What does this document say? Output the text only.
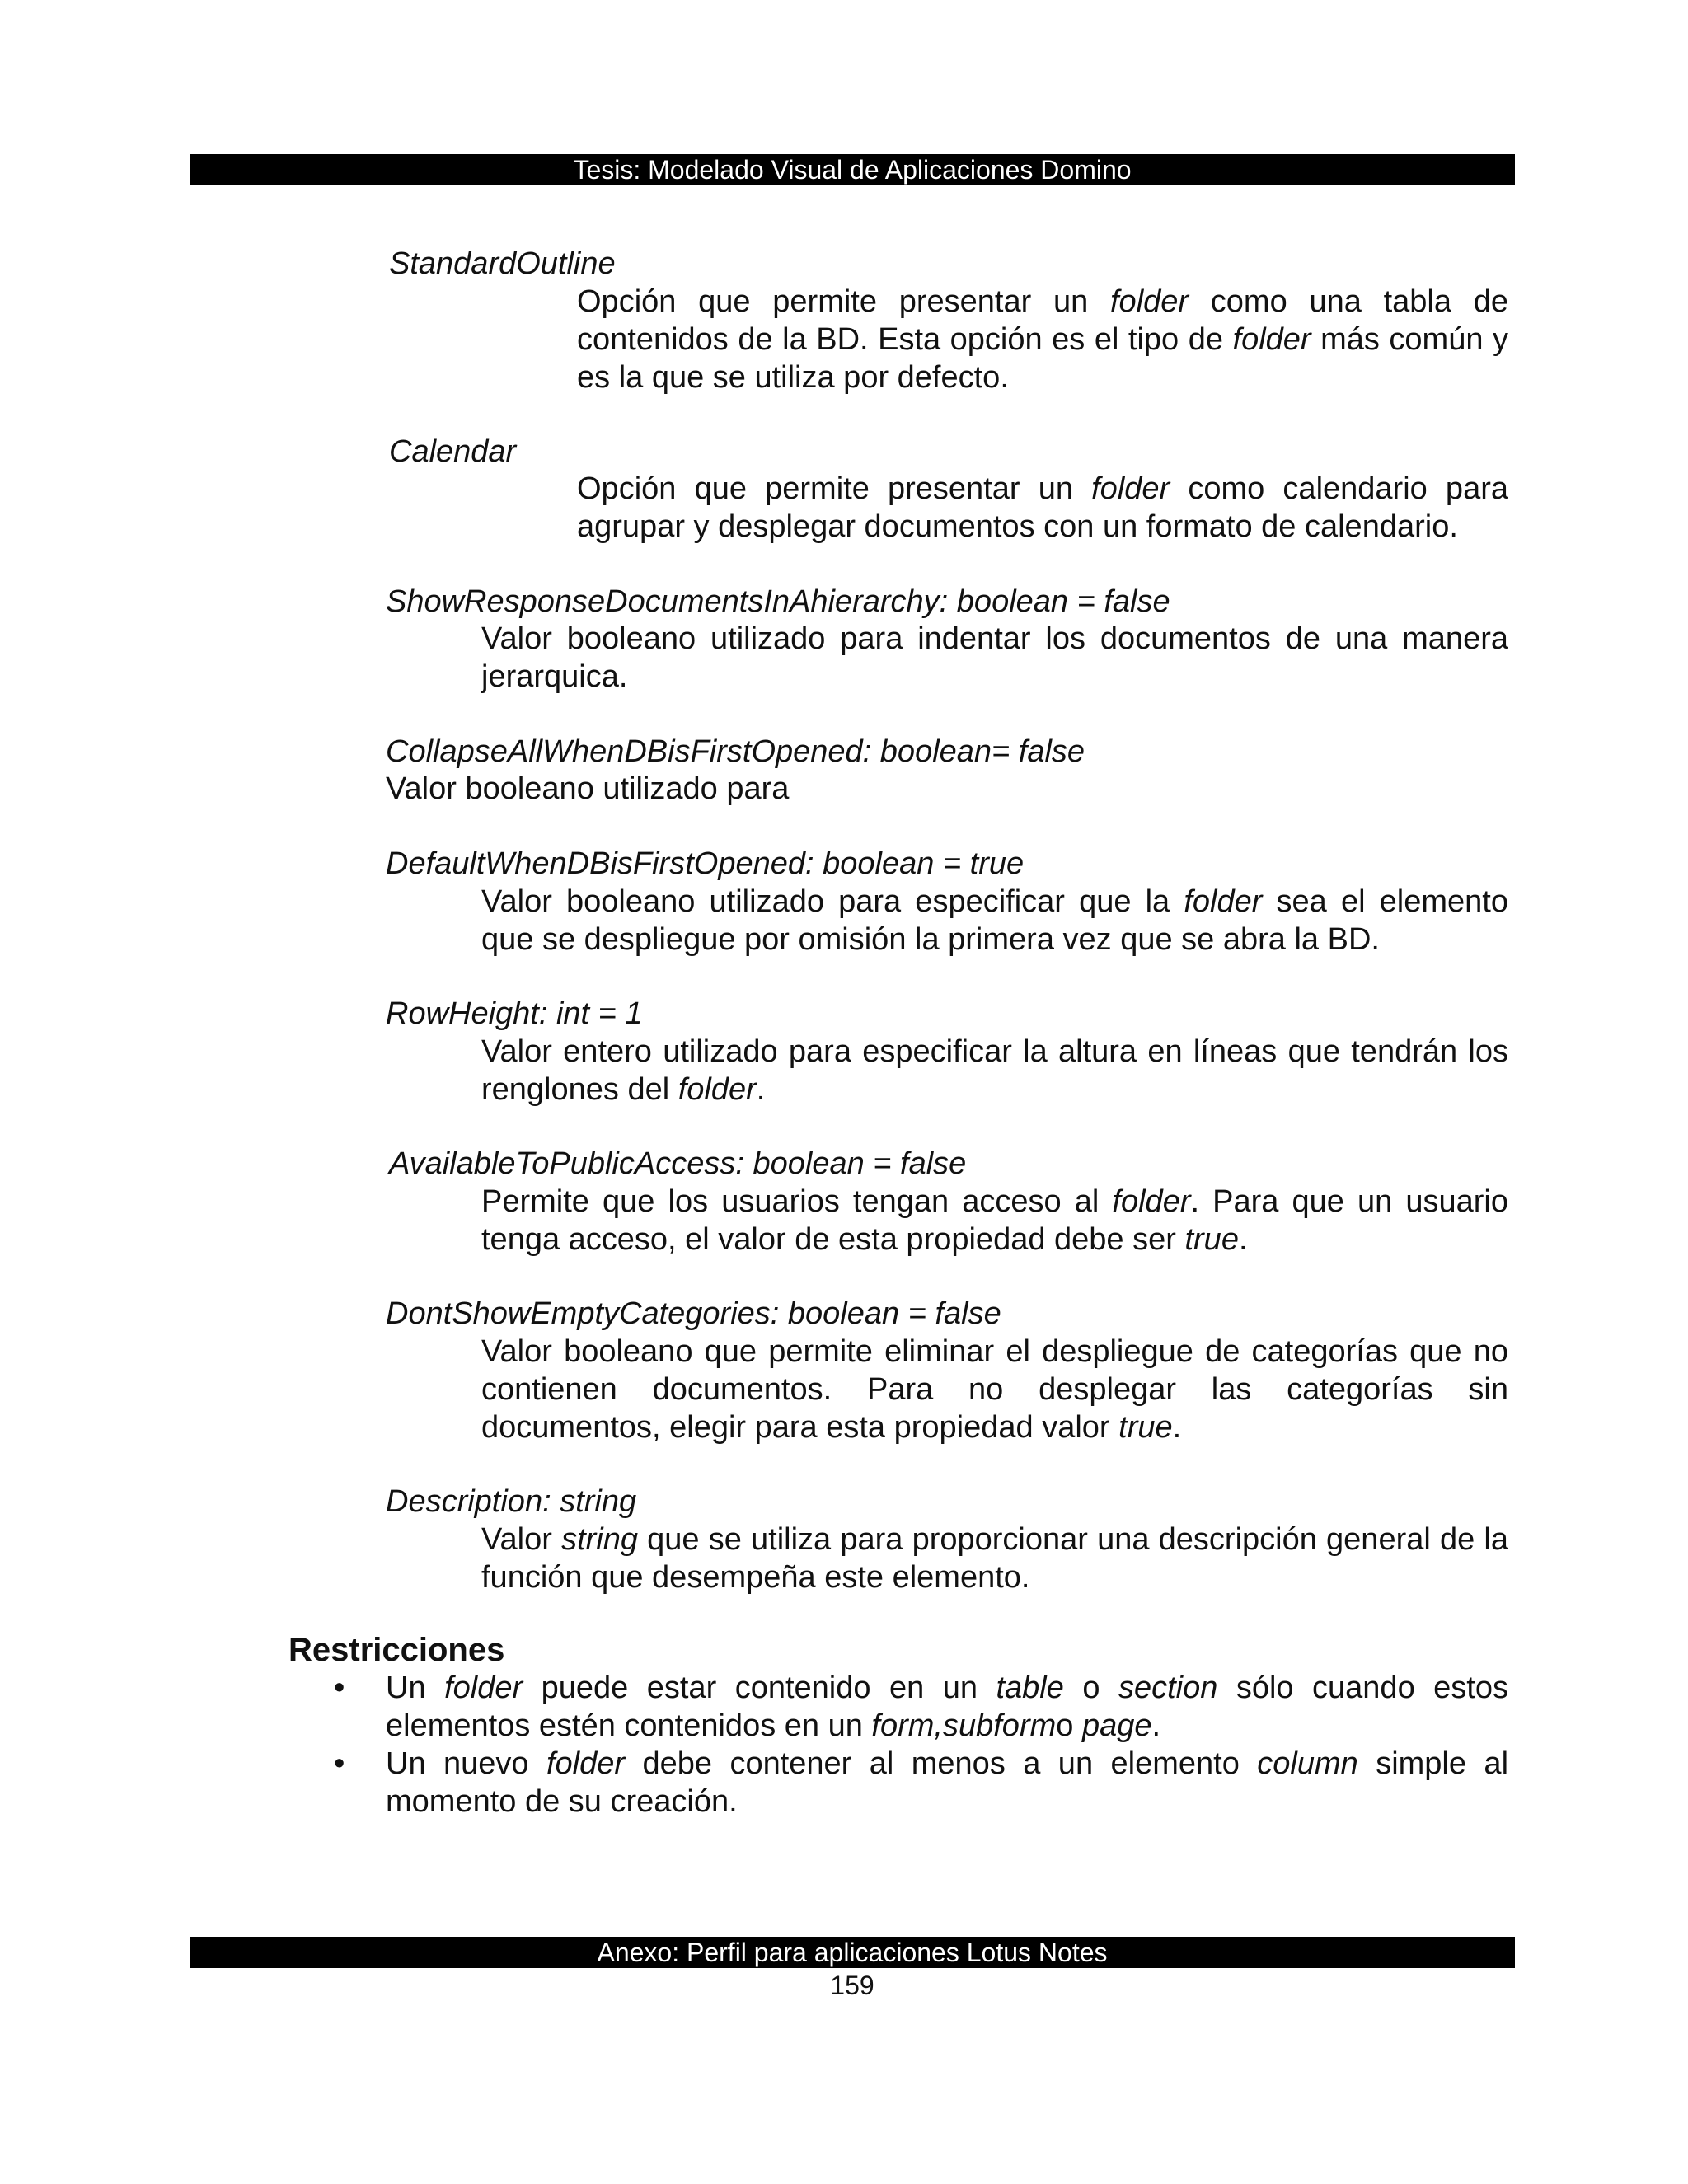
Tesis: Modelado Visual de Aplicaciones Domino
StandardOutline
Opción que permite presentar un folder como una tabla de contenidos de la BD. Esta opción es el tipo de folder más común y es la que se utiliza por defecto.
Calendar
Opción que permite presentar un folder como calendario para agrupar y desplegar documentos con un formato de calendario.
ShowResponseDocumentsInAhierarchy: boolean = false
Valor booleano utilizado para indentar los documentos de una manera jerarquica.
CollapseAllWhenDBisFirstOpened: boolean= false
Valor booleano utilizado para
DefaultWhenDBisFirstOpened: boolean = true
Valor booleano utilizado para especificar que la folder sea el elemento que se despliegue por omisión la primera vez que se abra la BD.
RowHeight: int = 1
Valor entero utilizado para especificar la altura en líneas que tendrán los renglones del folder.
AvailableToPublicAccess: boolean = false
Permite que los usuarios tengan acceso al folder. Para que un usuario tenga acceso, el valor de esta propiedad debe ser true.
DontShowEmptyCategories: boolean = false
Valor booleano que permite eliminar el despliegue de categorías que no contienen documentos. Para no desplegar las categorías sin documentos, elegir para esta propiedad valor true.
Description: string
Valor string que se utiliza para proporcionar una descripción general de la función que desempeña este elemento.
Restricciones
• Un folder puede estar contenido en un table o section sólo cuando estos elementos estén contenidos en un form,subformo page.
• Un nuevo folder debe contener al menos a un elemento column simple al momento de su creación.
Anexo: Perfil para aplicaciones Lotus Notes
159
